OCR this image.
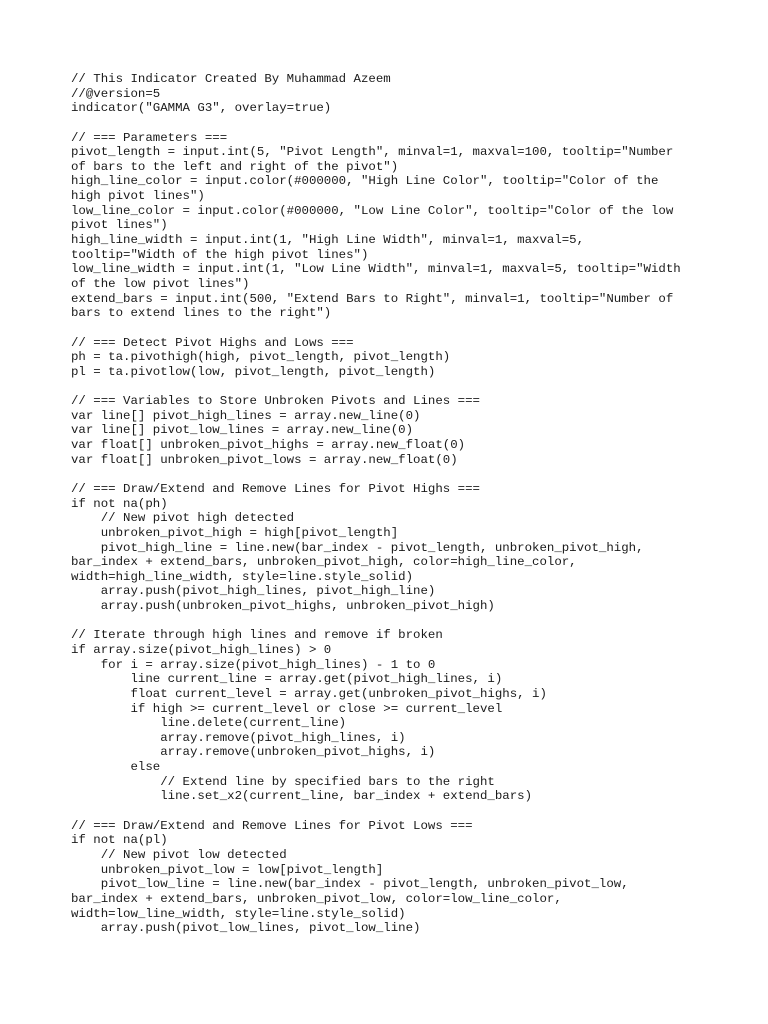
// This Indicator Created By Muhammad Azeem
//@version=5
indicator("GAMMA G3", overlay=true)
// === Parameters ===
pivot_length = input.int(5, "Pivot Length", minval=1, maxval=100, tooltip="Number
of bars to the left and right of the pivot")
high_line_color = input.color(#000000, "High Line Color", tooltip="Color of the
high pivot lines")
low_line_color = input.color(#000000, "Low Line Color", tooltip="Color of the low
pivot lines")
high_line_width = input.int(1, "High Line Width", minval=1, maxval=5,
tooltip="Width of the high pivot lines")
low_line_width = input.int(1, "Low Line Width", minval=1, maxval=5, tooltip="Width
of the low pivot lines")
extend_bars = input.int(500, "Extend Bars to Right", minval=1, tooltip="Number of
bars to extend lines to the right")
// === Detect Pivot Highs and Lows ===
ph = ta.pivothigh(high, pivot_length, pivot_length)
pl = ta.pivotlow(low, pivot_length, pivot_length)
// === Variables to Store Unbroken Pivots and Lines ===
var line[] pivot_high_lines = array.new_line(0)
var line[] pivot_low_lines = array.new_line(0)
var float[] unbroken_pivot_highs = array.new_float(0)
var float[] unbroken_pivot_lows = array.new_float(0)
// === Draw/Extend and Remove Lines for Pivot Highs ===
if not na(ph)
// New pivot high detected
unbroken_pivot_high = high[pivot_length]
pivot_high_line = line.new(bar_index - pivot_length, unbroken_pivot_high,
bar_index + extend_bars, unbroken_pivot_high, color=high_line_color,
width=high_line_width, style=line.style_solid)
array.push(pivot_high_lines, pivot_high_line)
array.push(unbroken_pivot_highs, unbroken_pivot_high)
// Iterate through high lines and remove if broken
if array.size(pivot_high_lines) > 0
for i = array.size(pivot_high_lines) - 1 to 0
line current_line = array.get(pivot_high_lines, i)
float current_level = array.get(unbroken_pivot_highs, i)
if high >= current_level or close >= current_level
line.delete(current_line)
array.remove(pivot_high_lines, i)
array.remove(unbroken_pivot_highs, i)
else
// Extend line by specified bars to the right
line.set_x2(current_line, bar_index + extend_bars)
// === Draw/Extend and Remove Lines for Pivot Lows ===
if not na(pl)
// New pivot low detected
unbroken_pivot_low = low[pivot_length]
pivot_low_line = line.new(bar_index - pivot_length, unbroken_pivot_low,
bar_index + extend_bars, unbroken_pivot_low, color=low_line_color,
width=low_line_width, style=line.style_solid)
array.push(pivot_low_lines, pivot_low_line)
